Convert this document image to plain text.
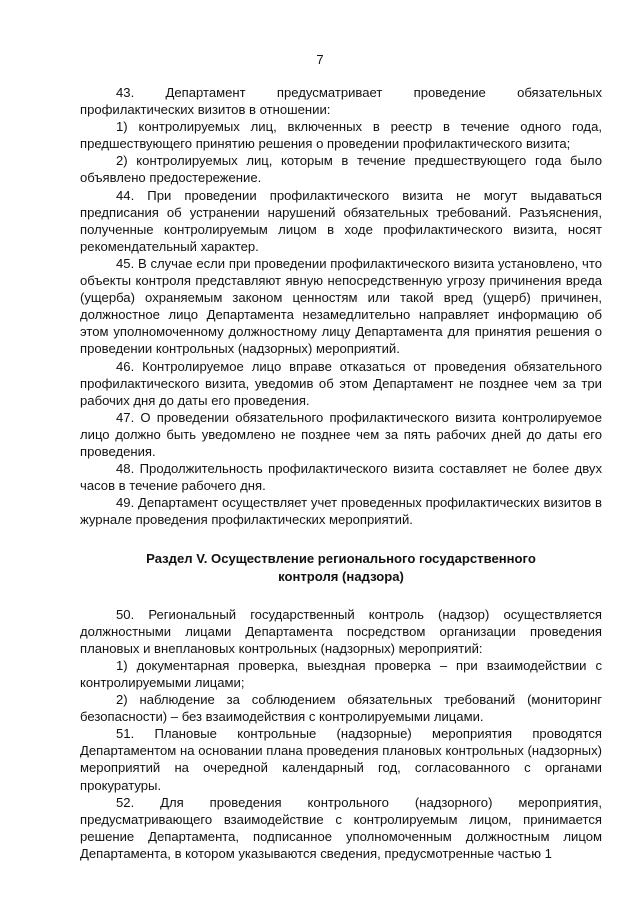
7

43. Департамент предусматривает проведение обязательных профилактических визитов в отношении:

1) контролируемых лиц, включенных в реестр в течение одного года, предшествующего принятию решения о проведении профилактического визита;

2) контролируемых лиц, которым в течение предшествующего года было объявлено предостережение.

44. При проведении профилактического визита не могут выдаваться предписания об устранении нарушений обязательных требований. Разъяснения, полученные контролируемым лицом в ходе профилактического визита, носят рекомендательный характер.

45. В случае если при проведении профилактического визита установлено, что объекты контроля представляют явную непосредственную угрозу причинения вреда (ущерба) охраняемым законом ценностям или такой вред (ущерб) причинен, должностное лицо Департамента незамедлительно направляет информацию об этом уполномоченному должностному лицу Департамента для принятия решения о проведении контрольных (надзорных) мероприятий.

46. Контролируемое лицо вправе отказаться от проведения обязательного профилактического визита, уведомив об этом Департамент не позднее чем за три рабочих дня до даты его проведения.

47. О проведении обязательного профилактического визита контролируемое лицо должно быть уведомлено не позднее чем за пять рабочих дней до даты его проведения.

48. Продолжительность профилактического визита составляет не более двух часов в течение рабочего дня.

49. Департамент осуществляет учет проведенных профилактических визитов в журнале проведения профилактических мероприятий.

Раздел V. Осуществление регионального государственного
контроля (надзора)

50. Региональный государственный контроль (надзор) осуществляется должностными лицами Департамента посредством организации проведения плановых и внеплановых контрольных (надзорных) мероприятий:

1) документарная проверка, выездная проверка – при взаимодействии с контролируемыми лицами;

2) наблюдение за соблюдением обязательных требований (мониторинг безопасности) – без взаимодействия с контролируемыми лицами.

51. Плановые контрольные (надзорные) мероприятия проводятся Департаментом на основании плана проведения плановых контрольных (надзорных) мероприятий на очередной календарный год, согласованного с органами прокуратуры.

52. Для проведения контрольного (надзорного) мероприятия, предусматривающего взаимодействие с контролируемым лицом, принимается решение Департамента, подписанное уполномоченным должностным лицом Департамента, в котором указываются сведения, предусмотренные частью 1
